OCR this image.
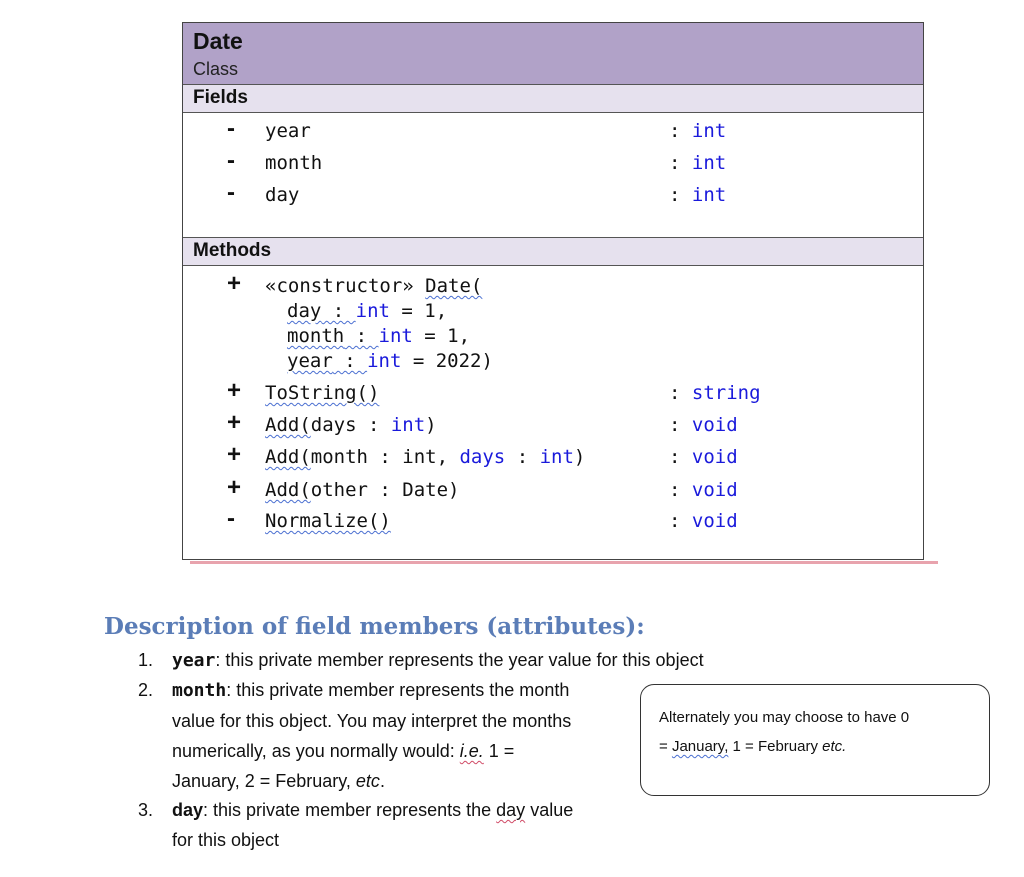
Date
Class
Fields
- year	: int
- month	: int
- day	: int
Methods
+ «constructor» Date(
day : int = 1,
month : int = 1,
year : int = 2022)
+ ToString()	: string
+ Add(days : int)	: void
+ Add(month : int, days : int)	: void
+ Add(other : Date)	: void
- Normalize()	: void
Description of field members (attributes):
1. year: this private member represents the year value for this object
2. month: this private member represents the month
value for this object. You may interpret the months
numerically, as you normally would: i.e. 1 =
January, 2 = February, etc.
3. day: this private member represents the day value
for this object
Alternately you may choose to have 0
= January, 1 = February etc.
